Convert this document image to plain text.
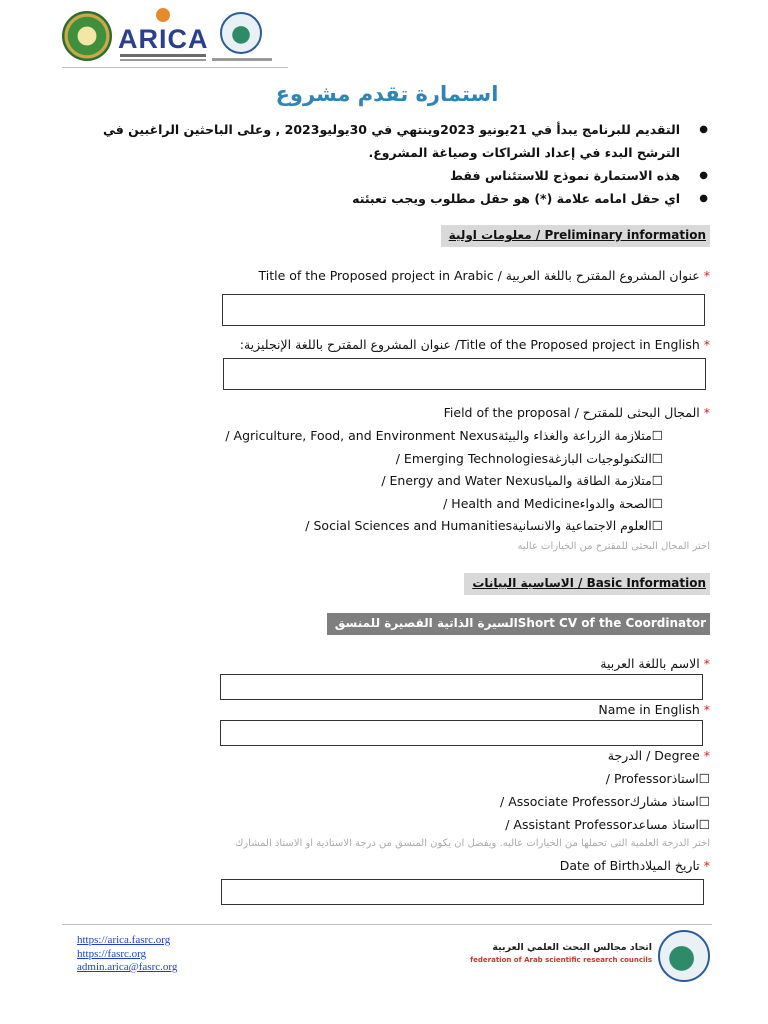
ARICA
استمارة تقدم مشروع
● التقديم للبرنامج يبدأ في 21يونيو 2023وينتهي في 30يوليو2023 , وعلى الباحثين الراغبين في الترشح البدء في إعداد الشراكات وصياغة المشروع.
● هذه الاستمارة نموذج للاستئناس فقط
● اي حقل امامه علامة (*) هو حقل مطلوب ويجب تعبئته
معلومات اولية / Preliminary information
* عنوان المشروع المقترح باللغة العربية / Title of the Proposed project in Arabic
* Title of the Proposed project in English/ عنوان المشروع المقترح باللغة الإنجليزية:
* المجال البحثى للمقترح / Field of the proposal
☐متلازمة الزراعة والغذاء والبيئةAgriculture, Food, and Environment Nexus /
☐التكنولوجيات البازغةEmerging Technologies /
☐متلازمة الطاقة والمياEnergy and Water Nexus /
☐الصحة والدواءHealth and Medicine /
☐العلوم الاجتماعية والانسانيةSocial Sciences and Humanities /
اختر المجال البحثى للمقترح من الخيارات عاليه
الاساسية البيانات / Basic Information
السيرة الذاتية القصيرة للمنسقShort CV of the Coordinator
* الاسم باللغة العربية
* Name in English
* Degree / الدرجة
☐استاذProfessor /
☐استاذ مشاركAssociate Professor /
☐استاذ مساعدAssistant Professor /
اختر الدرجة العلمية التى تحملها من الخيارات عاليه. ويفضل ان يكون المنسق من درجة الاستاذية او الاستاذ المشارك
* تاريخ الميلادDate of Birth
https://arica.fasrc.org
https://fasrc.org
admin.arica@fasrc.org
اتحاد مجالس البحث العلمي العربية
federation of Arab scientific research councils
